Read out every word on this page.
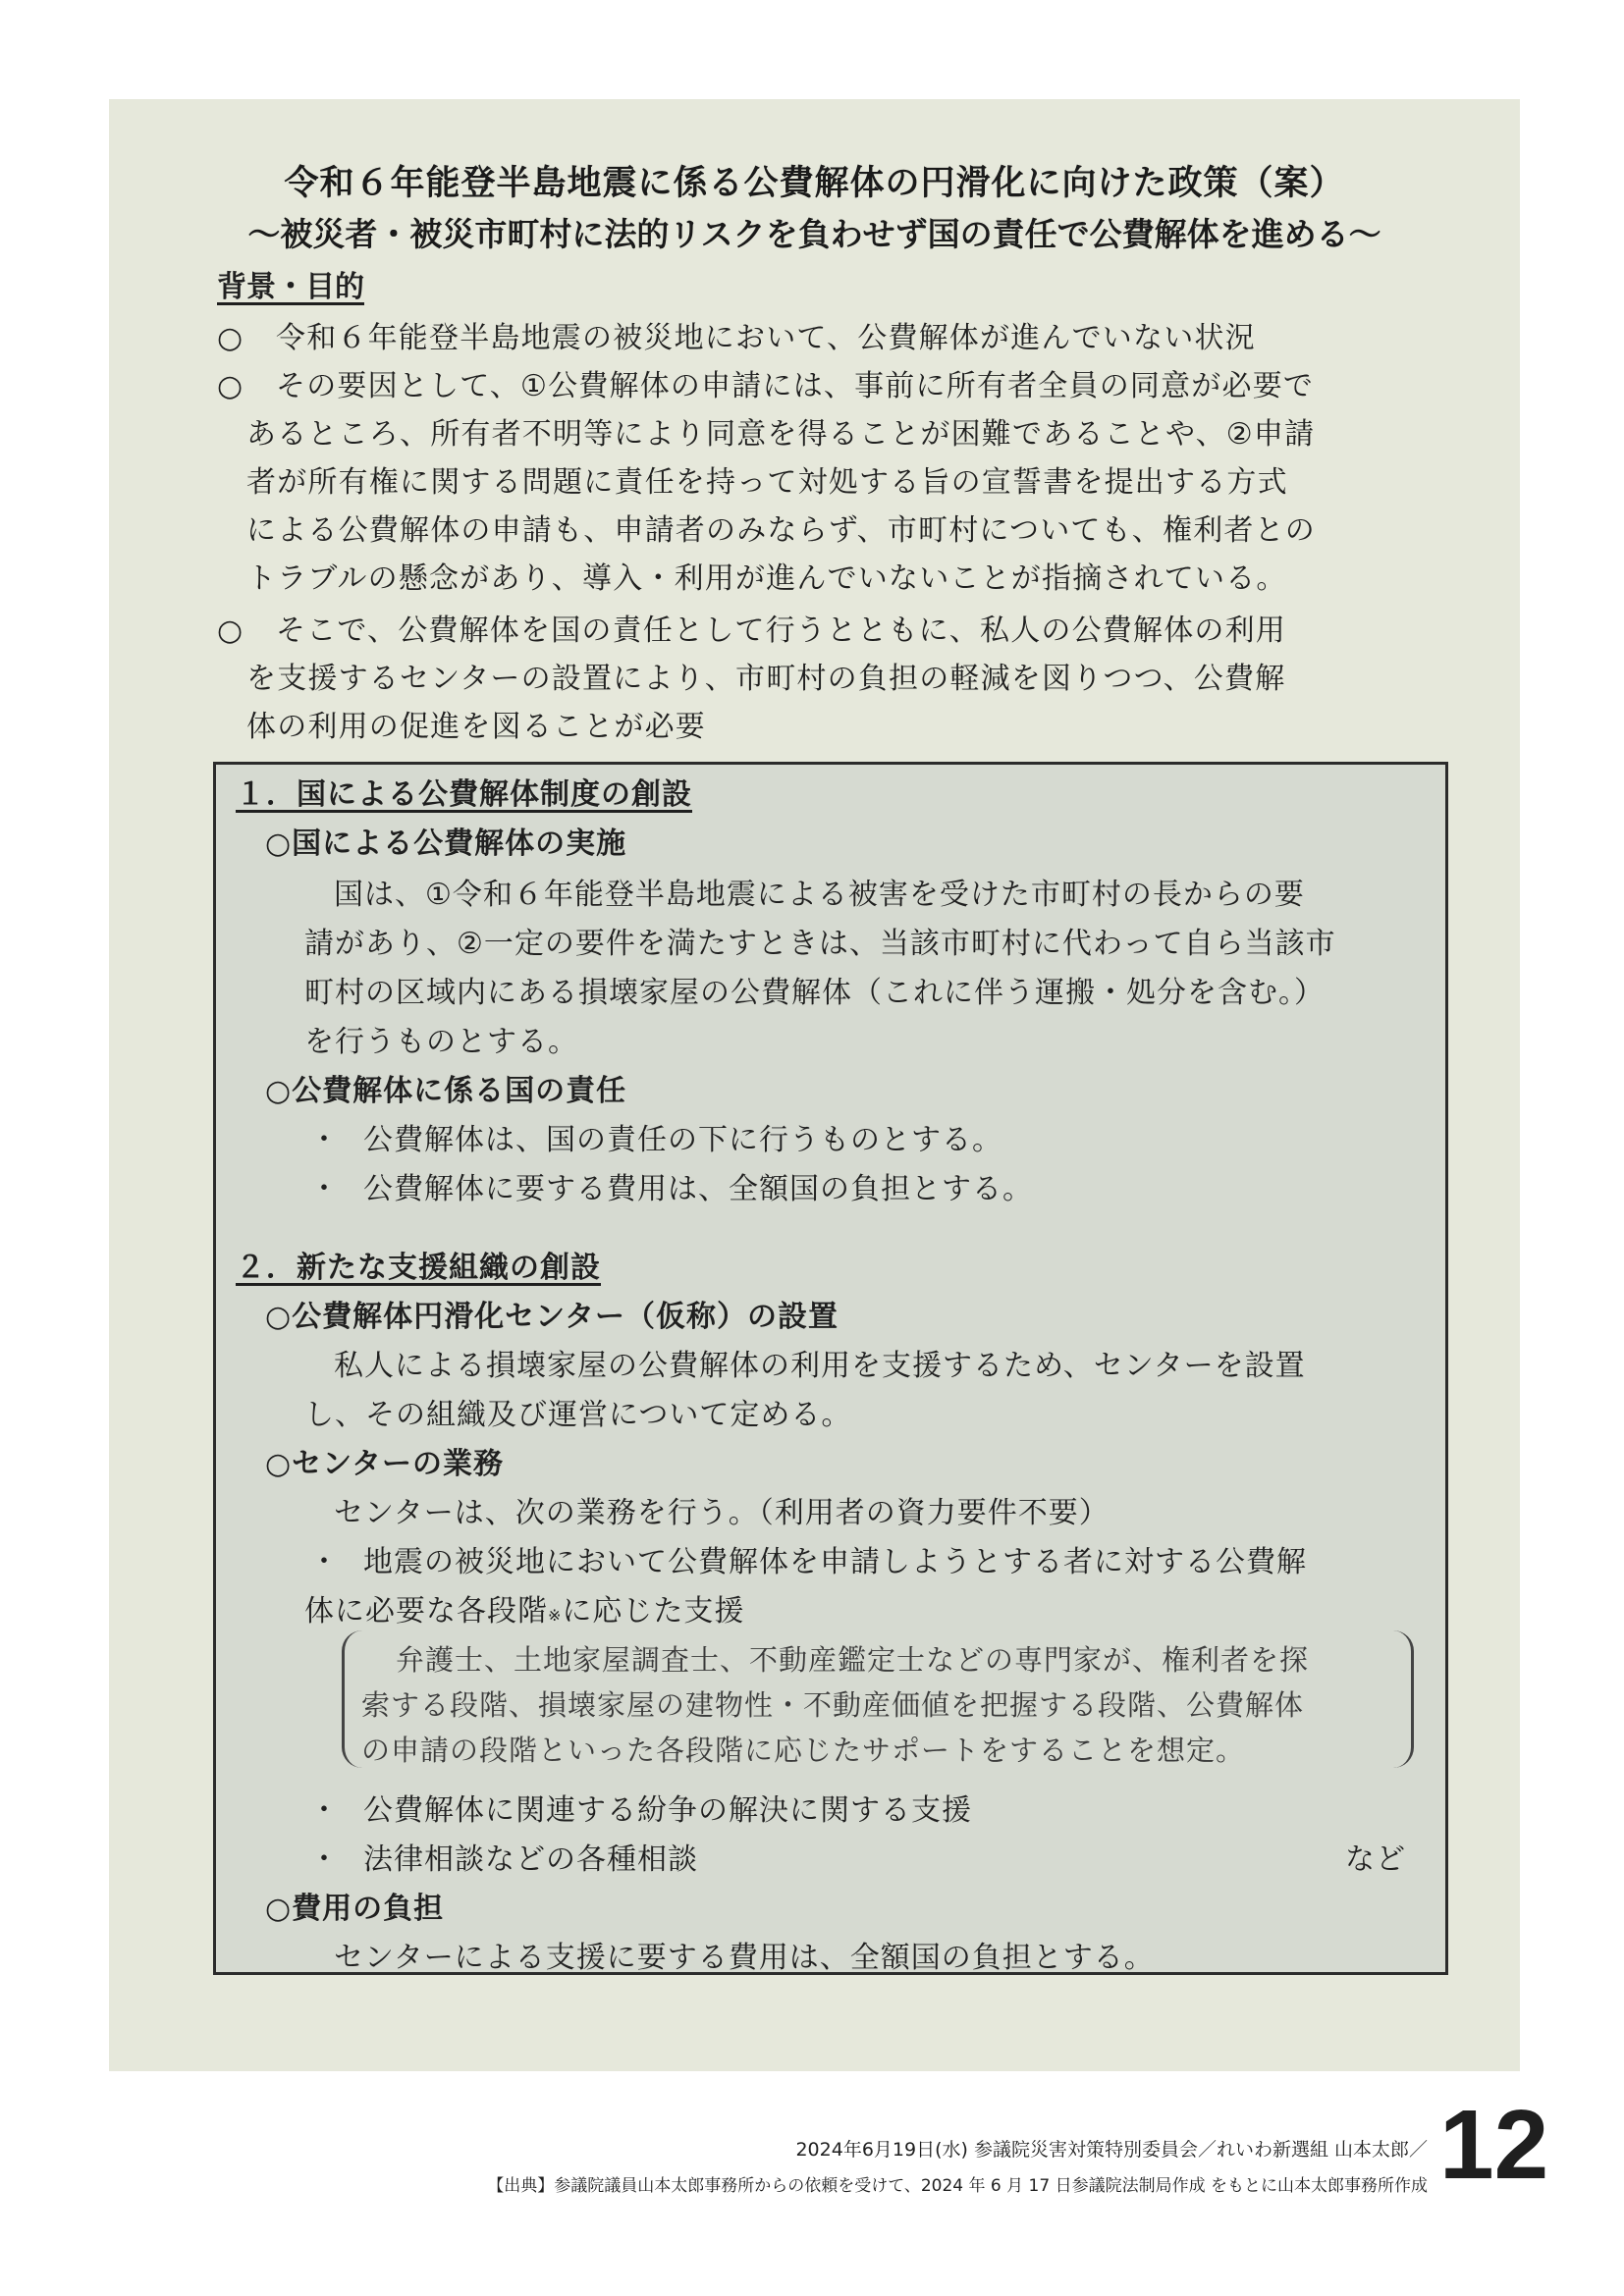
令和６年能登半島地震に係る公費解体の円滑化に向けた政策（案）
～被災者・被災市町村に法的リスクを負わせず国の責任で公費解体を進める～
背景・目的
○ 令和６年能登半島地震の被災地において、公費解体が進んでいない状況
○ その要因として、①公費解体の申請には、事前に所有者全員の同意が必要で
あるところ、所有者不明等により同意を得ることが困難であることや、②申請
者が所有権に関する問題に責任を持って対処する旨の宣誓書を提出する方式
による公費解体の申請も、申請者のみならず、市町村についても、権利者との
トラブルの懸念があり、導入・利用が進んでいないことが指摘されている。
○ そこで、公費解体を国の責任として行うとともに、私人の公費解体の利用
を支援するセンターの設置により、市町村の負担の軽減を図りつつ、公費解
体の利用の促進を図ることが必要
１．国による公費解体制度の創設
○国による公費解体の実施
国は、①令和６年能登半島地震による被害を受けた市町村の長からの要
請があり、②一定の要件を満たすときは、当該市町村に代わって自ら当該市
町村の区域内にある損壊家屋の公費解体（これに伴う運搬・処分を含む。）
を行うものとする。
○公費解体に係る国の責任
・ 公費解体は、国の責任の下に行うものとする。
・ 公費解体に要する費用は、全額国の負担とする。
２．新たな支援組織の創設
○公費解体円滑化センター（仮称）の設置
私人による損壊家屋の公費解体の利用を支援するため、センターを設置
し、その組織及び運営について定める。
○センターの業務
センターは、次の業務を行う。（利用者の資力要件不要）
・ 地震の被災地において公費解体を申請しようとする者に対する公費解
体に必要な各段階※に応じた支援
弁護士、土地家屋調査士、不動産鑑定士などの専門家が、権利者を探
索する段階、損壊家屋の建物性・不動産価値を把握する段階、公費解体
の申請の段階といった各段階に応じたサポートをすることを想定。
・ 公費解体に関連する紛争の解決に関する支援
・ 法律相談などの各種相談	など
○費用の負担
センターによる支援に要する費用は、全額国の負担とする。
2024年6月19日(水) 参議院災害対策特別委員会／れいわ新選組 山本太郎／
【出典】参議院議員山本太郎事務所からの依頼を受けて、2024 年 6 月 17 日参議院法制局作成 をもとに山本太郎事務所作成 12
